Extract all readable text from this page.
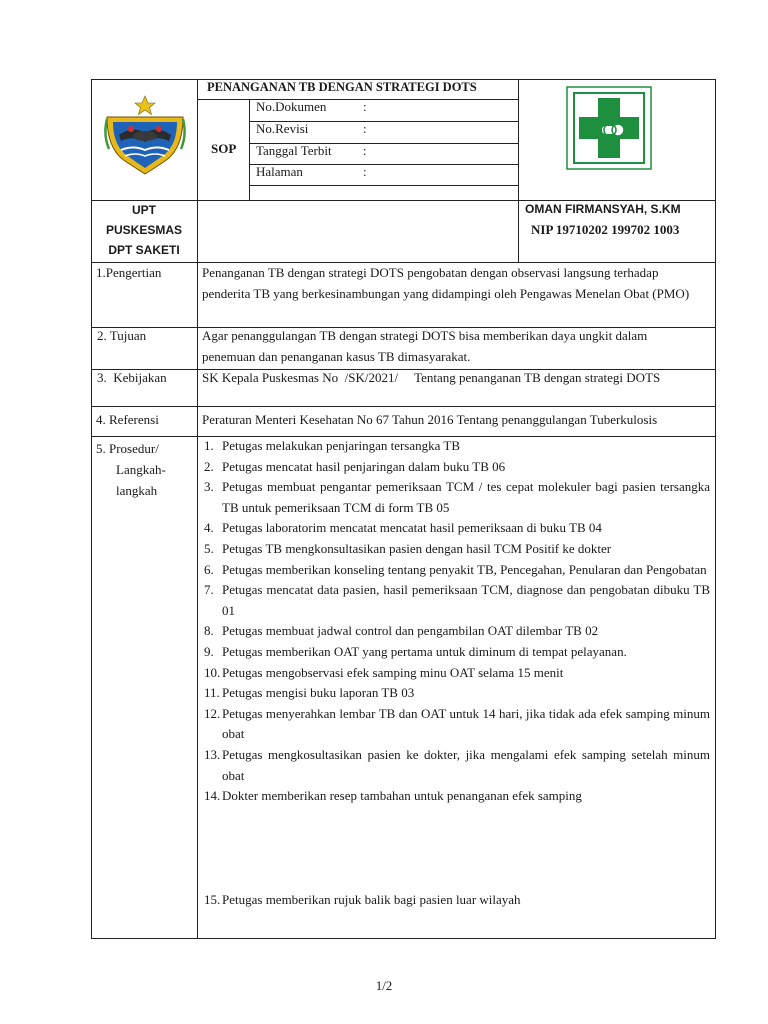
PENANGANAN TB DENGAN STRATEGI DOTS
SOP
No.Dokumen	:
No.Revisi	:
Tanggal Terbit :
Halaman	:
UPT
PUSKESMAS
DPT SAKETI
OMAN FIRMANSYAH, S.KM
NIP 19710202 199702 1003
1.Pengertian	Penanganan TB dengan strategi DOTS pengobatan dengan observasi langsung terhadap penderita TB yang berkesinambungan yang didampingi oleh Pengawas Menelan Obat (PMO)
2. Tujuan	Agar penanggulangan TB dengan strategi DOTS bisa memberikan daya ungkit dalam penemuan dan penanganan kasus TB dimasyarakat.
3.  Kebijakan	SK Kepala Puskesmas No  /SK/2021/     Tentang penanganan TB dengan strategi DOTS
4. Referensi	Peraturan Menteri Kesehatan No 67 Tahun 2016 Tentang penanggulangan Tuberkulosis
5. Prosedur/
Langkah-
langkah
1. Petugas melakukan penjaringan tersangka TB
2. Petugas mencatat hasil penjaringan dalam buku TB 06
3. Petugas membuat pengantar pemeriksaan TCM / tes cepat molekuler bagi pasien tersangka TB untuk pemeriksaan TCM di form TB 05
4. Petugas laboratorim mencatat mencatat hasil pemeriksaan di buku TB 04
5. Petugas TB mengkonsultasikan pasien dengan hasil TCM Positif ke dokter
6. Petugas memberikan konseling tentang penyakit TB, Pencegahan, Penularan dan Pengobatan
7. Petugas mencatat data pasien, hasil pemeriksaan TCM, diagnose dan pengobatan dibuku TB 01
8. Petugas membuat jadwal control dan pengambilan OAT dilembar TB 02
9. Petugas memberikan OAT yang pertama untuk diminum di tempat pelayanan.
10. Petugas mengobservasi efek samping minu OAT selama 15 menit
11. Petugas mengisi buku laporan TB 03
12. Petugas menyerahkan lembar TB dan OAT untuk 14 hari, jika tidak ada efek samping minum obat
13. Petugas mengkosultasikan pasien ke dokter, jika mengalami efek samping setelah minum obat
14. Dokter memberikan resep tambahan untuk penanganan efek samping
15. Petugas memberikan rujuk balik bagi pasien luar wilayah
1/2
